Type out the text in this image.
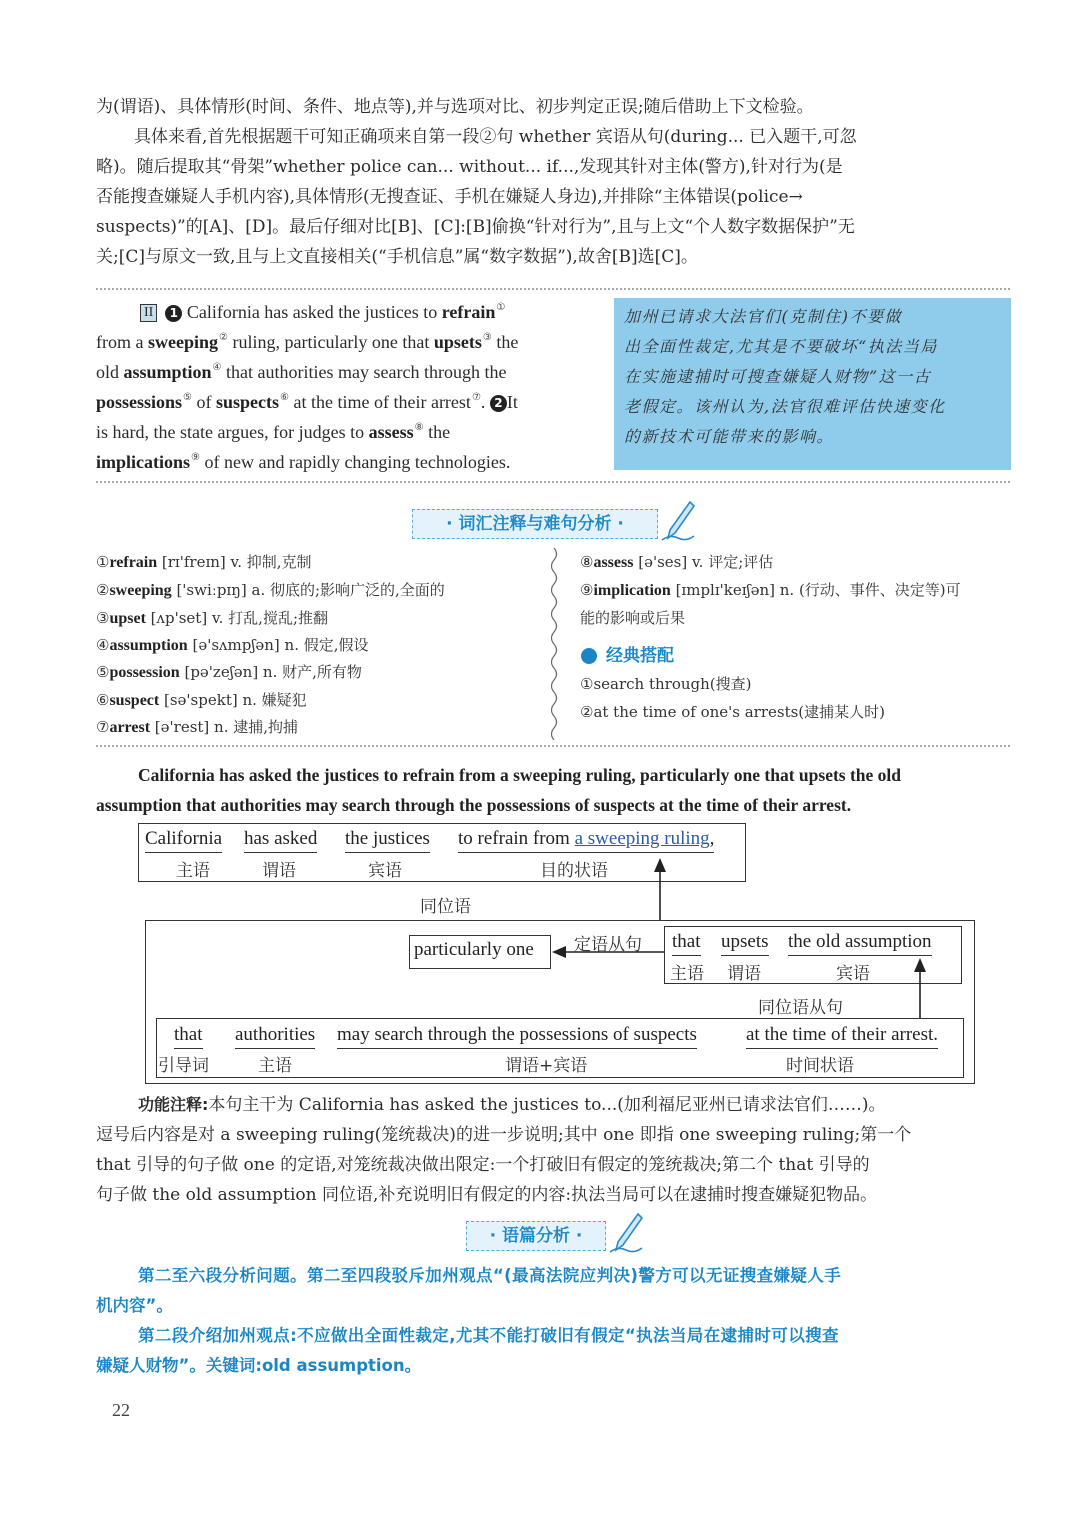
为(谓语)、具体情形(时间、条件、地点等),并与选项对比、初步判定正误;随后借助上下文检验。
具体来看,首先根据题干可知正确项来自第一段②句 whether 宾语从句(during... 已入题干,可忽
略)。随后提取其“骨架”whether police can... without... if...,发现其针对主体(警方),针对行为(是
否能搜查嫌疑人手机内容),具体情形(无搜查证、手机在嫌疑人身边),并排除“主体错误(police→
suspects)”的[A]、[D]。最后仔细对比[B]、[C]:[B]偷换“针对行为”,且与上文“个人数字数据保护”无
关;[C]与原文一致,且与上文直接相关(“手机信息”属“数字数据”),故舍[B]选[C]。
II 1 California has asked the justices to refrain①
from a sweeping② ruling, particularly one that upsets③ the
old assumption④ that authorities may search through the
possessions⑤ of suspects⑥ at the time of their arrest⑦. 2 It
is hard, the state argues, for judges to assess⑧ the
implications⑨ of new and rapidly changing technologies.
加州已请求大法官们(克制住)不要做
出全面性裁定,尤其是不要破坏“执法当局
在实施逮捕时可搜查嫌疑人财物”这一古
老假定。该州认为,法官很难评估快速变化
的新技术可能带来的影响。
· 词汇注释与难句分析 ·
①refrain [rɪ'freɪn] v. 抑制,克制
②sweeping ['swiːpɪŋ] a. 彻底的;影响广泛的,全面的
③upset [ʌp'set] v. 打乱,搅乱;推翻
④assumption [ə'sʌmpʃən] n. 假定,假设
⑤possession [pə'zeʃən] n. 财产,所有物
⑥suspect [sə'spekt] n. 嫌疑犯
⑦arrest [ə'rest] n. 逮捕,拘捕
⑧assess [ə'ses] v. 评定;评估
⑨implication [ɪmplɪ'keɪʃən] n. (行动、事件、决定等)可
能的影响或后果
经典搭配
①search through(搜查)
②at the time of one's arrests(逮捕某人时)
California has asked the justices to refrain from a sweeping ruling, particularly one that upsets the old
assumption that authorities may search through the possessions of suspects at the time of their arrest.
California
主语
has asked
谓语
the justices
宾语
to refrain from a sweeping ruling,
目的状语
同位语
particularly one 定语从句 that
主语
upsets
谓语
the old assumption
宾语
同位语从句
that
引导词
authorities
主语
may search through the possessions of suspects
谓语+宾语
at the time of their arrest.
时间状语
功能注释:本句主干为 California has asked the justices to...(加利福尼亚州已请求法官们……)。
逗号后内容是对 a sweeping ruling(笼统裁决)的进一步说明;其中 one 即指 one sweeping ruling;第一个
that 引导的句子做 one 的定语,对笼统裁决做出限定:一个打破旧有假定的笼统裁决;第二个 that 引导的
句子做 the old assumption 同位语,补充说明旧有假定的内容:执法当局可以在逮捕时搜查嫌疑犯物品。
· 语篇分析 ·
第二至六段分析问题。第二至四段驳斥加州观点“(最高法院应判决)警方可以无证搜查嫌疑人手
机内容”。
第二段介绍加州观点:不应做出全面性裁定,尤其不能打破旧有假定“执法当局在逮捕时可以搜查
嫌疑人财物”。关键词:old assumption。
22
